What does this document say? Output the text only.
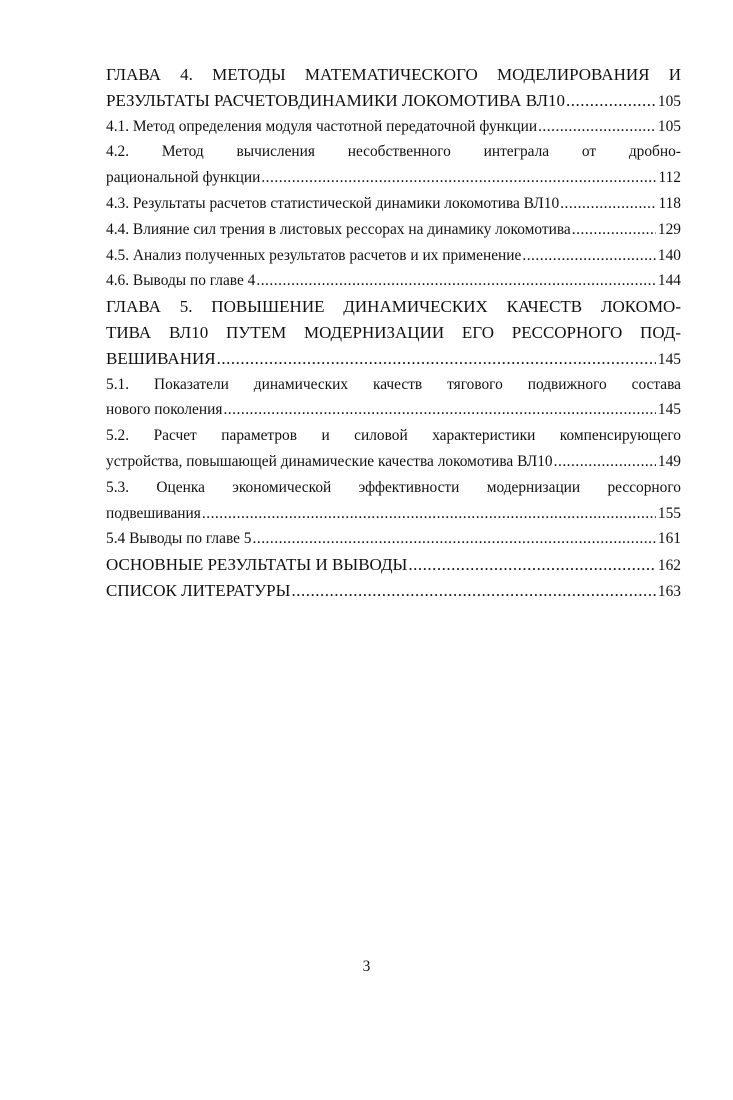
ГЛАВА 4. МЕТОДЫ МАТЕМАТИЧЕСКОГО МОДЕЛИРОВАНИЯ И
РЕЗУЛЬТАТЫ РАСЧЕТОВДИНАМИКИ ЛОКОМОТИВА ВЛ10 .....	105
4.1. Метод определения модуля частотной передаточной функции .....	105
4.2. Метод вычисления несобственного интеграла от дробно-
рациональной функции .....	112
4.3. Результаты расчетов статистической динамики локомотива ВЛ10 .....	118
4.4. Влияние сил трения в листовых рессорах на динамику локомотива .....	129
4.5. Анализ полученных результатов расчетов и их применение .....	140
4.6. Выводы по главе 4 .....	144
ГЛАВА 5. ПОВЫШЕНИЕ ДИНАМИЧЕСКИХ КАЧЕСТВ ЛОКОМО-
ТИВА ВЛ10 ПУТЕМ МОДЕРНИЗАЦИИ ЕГО РЕССОРНОГО ПОД-
ВЕШИВАНИЯ .....	145
5.1. Показатели динамических качеств тягового подвижного состава
нового поколения .....	145
5.2. Расчет параметров и силовой характеристики компенсирующего
устройства, повышающей динамические качества локомотива ВЛ10 .....	149
5.3. Оценка экономической эффективности модернизации рессорного
подвешивания .....	155
5.4 Выводы по главе 5 .....	161
ОСНОВНЫЕ РЕЗУЛЬТАТЫ И ВЫВОДЫ .....	162
СПИСОК ЛИТЕРАТУРЫ .....	163
3
